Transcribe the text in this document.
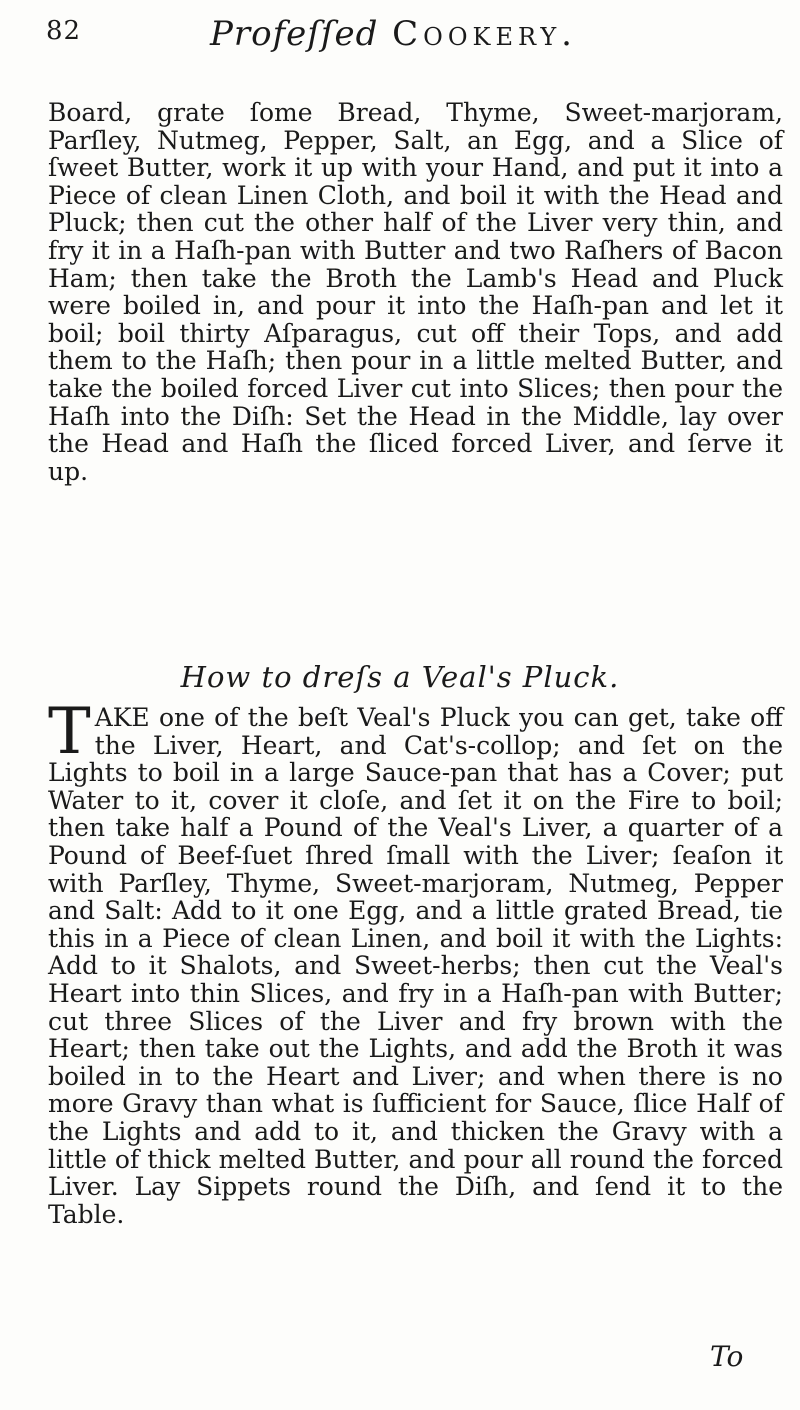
82	Profeſſed Cookery.

Board, grate ſome Bread, Thyme, Sweet-marjoram, Parſley, Nutmeg, Pepper, Salt, an Egg, and a Slice of ſweet Butter, work it up with your Hand, and put it into a Piece of clean Linen Cloth, and boil it with the Head and Pluck; then cut the other half of the Liver very thin, and fry it in a Haſh-pan with Butter and two Raſhers of Bacon Ham; then take the Broth the Lamb's Head and Pluck were boiled in, and pour it into the Haſh-pan and let it boil; boil thirty Aſparagus, cut off their Tops, and add them to the Haſh; then pour in a little melted Butter, and take the boiled forced Liver cut into Slices; then pour the Haſh into the Diſh: Set the Head in the Middle, lay over the Head and Haſh the ſliced forced Liver, and ſerve it up.

How to dreſs a Veal's Pluck.
TAKE one of the beſt Veal's Pluck you can get, take off the Liver, Heart, and Cat's-collop; and ſet on the Lights to boil in a large Sauce-pan that has a Cover; put Water to it, cover it cloſe, and ſet it on the Fire to boil; then take half a Pound of the Veal's Liver, a quarter of a Pound of Beef-ſuet ſhred ſmall with the Liver; ſeaſon it with Parſley, Thyme, Sweet-marjoram, Nutmeg, Pepper and Salt: Add to it one Egg, and a little grated Bread, tie this in a Piece of clean Linen, and boil it with the Lights: Add to it Shalots, and Sweet-herbs; then cut the Veal's Heart into thin Slices, and fry in a Haſh-pan with Butter; cut three Slices of the Liver and fry brown with the Heart; then take out the Lights, and add the Broth it was boiled in to the Heart and Liver; and when there is no more Gravy than what is ſufficient for Sauce, ſlice Half of the Lights and add to it, and thicken the Gravy with a little of thick melted Butter, and pour all round the forced Liver. Lay Sippets round the Diſh, and ſend it to the Table.
To
